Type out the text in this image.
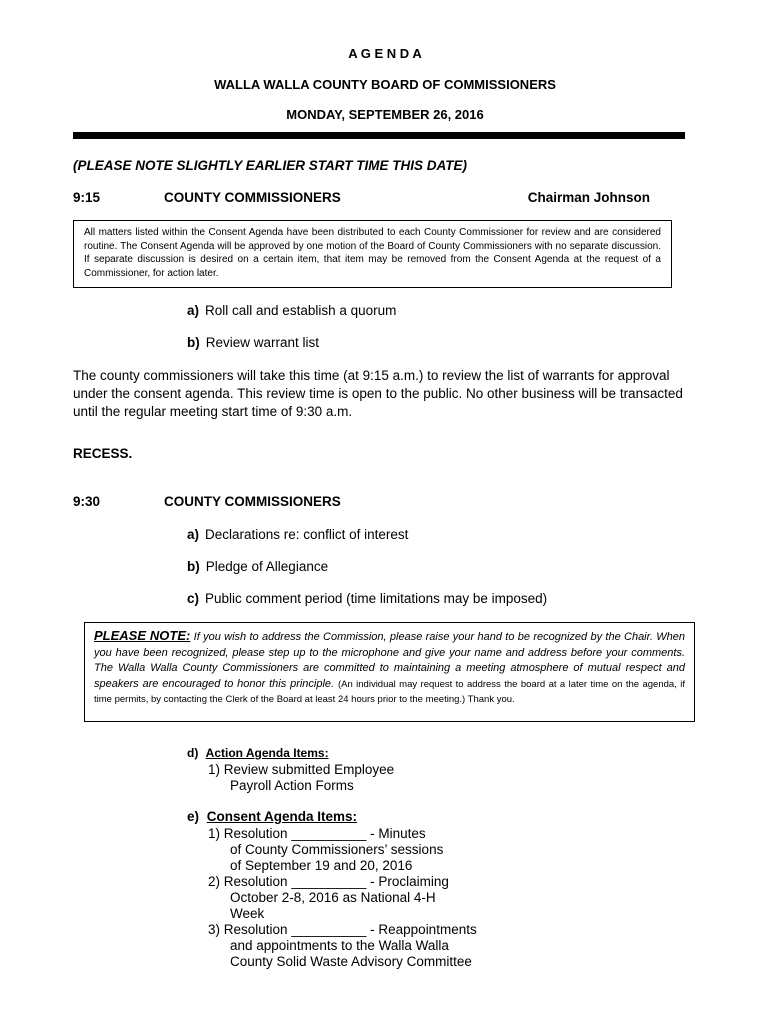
A G E N D A
WALLA WALLA COUNTY BOARD OF COMMISSIONERS
MONDAY, SEPTEMBER 26, 2016
(PLEASE NOTE SLIGHTLY EARLIER START TIME THIS DATE)
9:15	COUNTY COMMISSIONERS	Chairman Johnson
All matters listed within the Consent Agenda have been distributed to each County Commissioner for review and are considered routine. The Consent Agenda will be approved by one motion of the Board of County Commissioners with no separate discussion. If separate discussion is desired on a certain item, that item may be removed from the Consent Agenda at the request of a Commissioner, for action later.
a) Roll call and establish a quorum
b) Review warrant list
The county commissioners will take this time (at 9:15 a.m.) to review the list of warrants for approval under the consent agenda. This review time is open to the public. No other business will be transacted until the regular meeting start time of 9:30 a.m.
RECESS.
9:30	COUNTY COMMISSIONERS
a) Declarations re: conflict of interest
b) Pledge of Allegiance
c) Public comment period (time limitations may be imposed)
PLEASE NOTE: If you wish to address the Commission, please raise your hand to be recognized by the Chair. When you have been recognized, please step up to the microphone and give your name and address before your comments. The Walla Walla County Commissioners are committed to maintaining a meeting atmosphere of mutual respect and speakers are encouraged to honor this principle. (An individual may request to address the board at a later time on the agenda, if time permits, by contacting the Clerk of the Board at least 24 hours prior to the meeting.) Thank you.
d) Action Agenda Items:
1) Review submitted Employee
Payroll Action Forms
e) Consent Agenda Items:
1) Resolution __________ - Minutes
of County Commissioners’ sessions
of September 19 and 20, 2016
2) Resolution __________ - Proclaiming
October 2-8, 2016 as National 4-H
Week
3) Resolution __________ - Reappointments
and appointments to the Walla Walla
County Solid Waste Advisory Committee
